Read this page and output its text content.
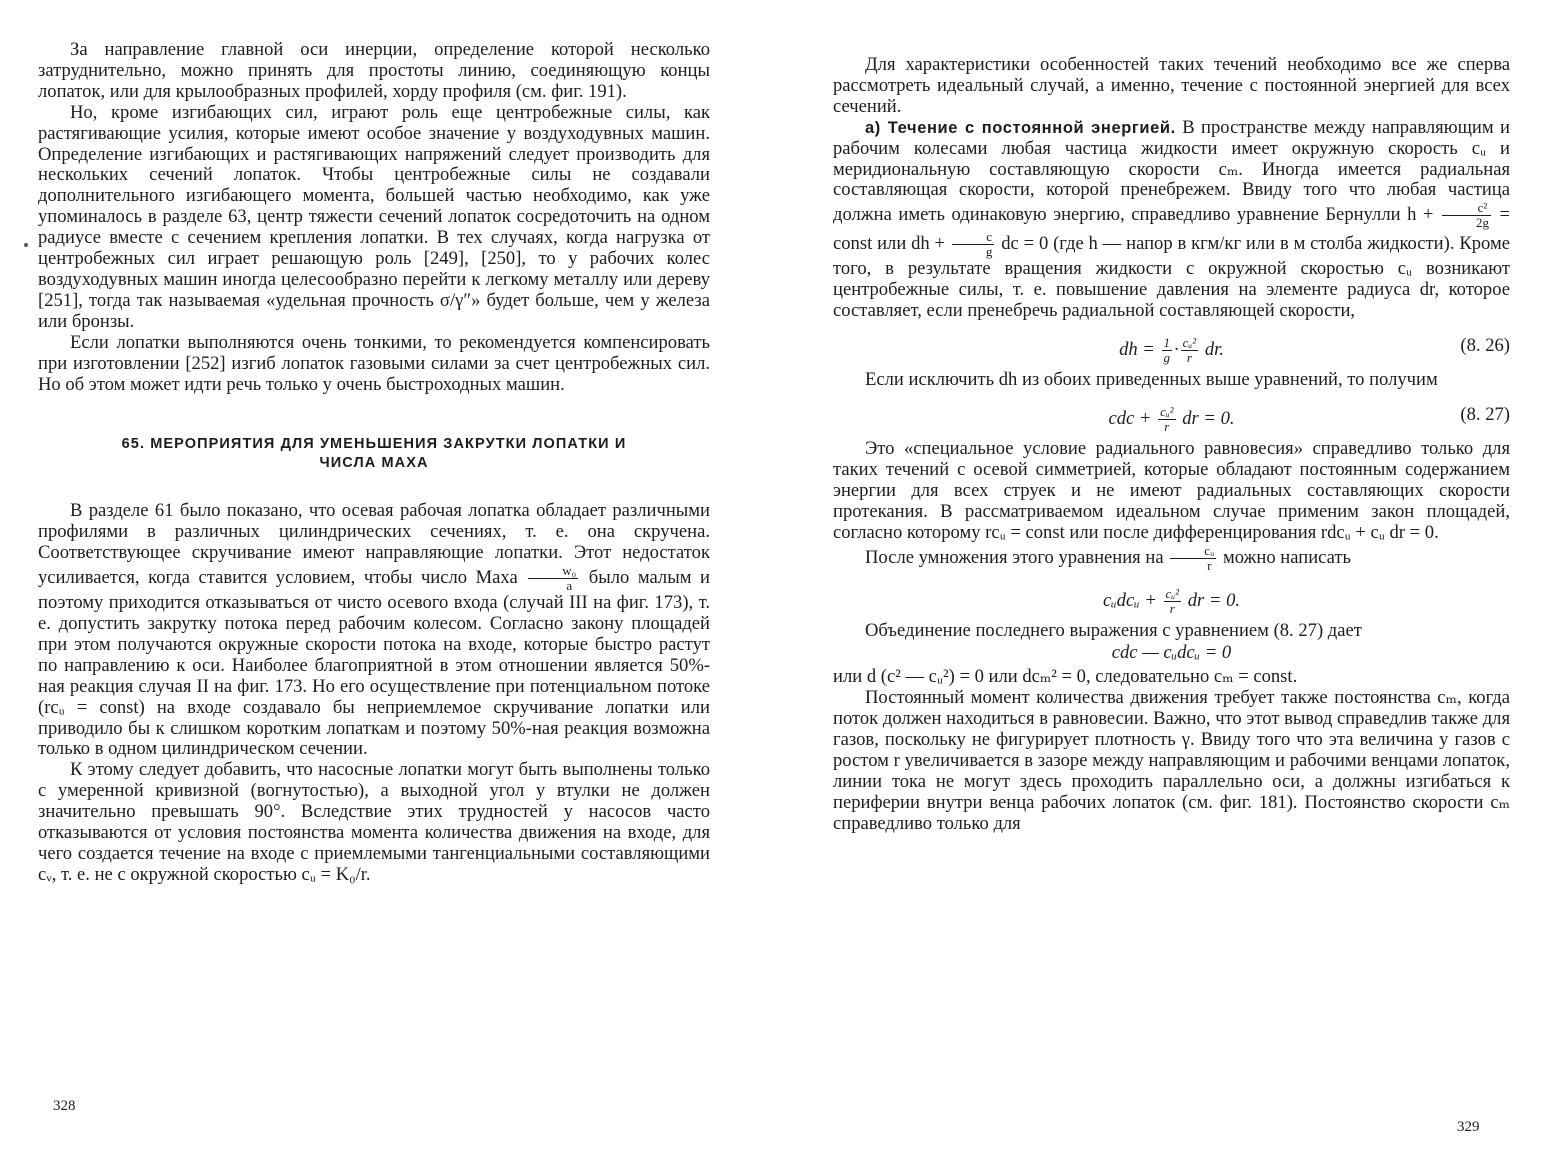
За направление главной оси инерции, определение которой несколько затруднительно, можно принять для простоты линию, соединяющую концы лопаток, или для крылообразных профилей, хорду профиля (см. фиг. 191).

Но, кроме изгибающих сил, играют роль еще центробежные силы, как растягивающие усилия, которые имеют особое значение у воздуходувных машин. Определение изгибающих и растягивающих напряжений следует производить для нескольких сечений лопаток. Чтобы центробежные силы не создавали дополнительного изгибающего момента, большей частью необходимо, как уже упоминалось в разделе 63, центр тяжести сечений лопаток сосредоточить на одном радиусе вместе с сечением крепления лопатки. В тех случаях, когда нагрузка от центробежных сил играет решающую роль [249], [250], то у рабочих колес воздуходувных машин иногда целесообразно перейти к легкому металлу или дереву [251], тогда так называемая «удельная прочность σ/γ″» будет больше, чем у железа или бронзы.

Если лопатки выполняются очень тонкими, то рекомендуется компенсировать при изготовлении [252] изгиб лопаток газовыми силами за счет центробежных сил. Но об этом может идти речь только у очень быстроходных машин.

65. МЕРОПРИЯТИЯ ДЛЯ УМЕНЬШЕНИЯ ЗАКРУТКИ ЛОПАТКИ И ЧИСЛА МАХА

В разделе 61 было показано, что осевая рабочая лопатка обладает различными профилями в различных цилиндрических сечениях, т. е. она скручена. Соответствующее скручивание имеют направляющие лопатки. Этот недостаток усиливается, когда ставится условием, чтобы число Маха $\frac{\text{w₀}}{a}$ было малым и поэтому приходится отказываться от чисто осевого входа (случай III на фиг. 173), т. е. допустить закрутку потока перед рабочим колесом. Согласно закону площадей при этом получаются окружные скорости потока на входе, которые быстро растут по направлению к оси. Наиболее благоприятной в этом отношении является 50%-ная реакция случая II на фиг. 173. Но его осуществление при потенциальном потоке (rcᵤ = const) на входе создавало бы неприемлемое скручивание лопатки или приводило бы к слишком коротким лопаткам и поэтому 50%-ная реакция возможна только в одном цилиндрическом сечении.

К этому следует добавить, что насосные лопатки могут быть выполнены только с умеренной кривизной (вогнутостью), а выходной угол у втулки не должен значительно превышать 90°. Вследствие этих трудностей у насосов часто отказываются от условия постоянства момента количества движения на входе, для чего создается течение на входе с приемлемыми тангенциальными составляющими cᵥ, т. е. не с окружной скоростью cᵤ = K₀/r.

328

Для характеристики особенностей таких течений необходимо все же сперва рассмотреть идеальный случай, а именно, течение с постоянной энергией для всех сечений.

а) Течение с постоянной энергией. В пространстве между направляющим и рабочим колесами любая частица жидкости имеет окружную скорость cᵤ и меридиональную составляющую скорости cₘ. Иногда имеется радиальная составляющая скорости, которой пренебрежем. Ввиду того что любая частица должна иметь одинаковую энергию, справедливо уравнение Бернулли $h + \frac{\text{c²}}{2g}$ = const или dh + $\frac{c}{g}$ dc = 0 (где h — напор в кгм/кг или в м столба жидкости). Кроме того, в результате вращения жидкости с окружной скоростью cᵤ возникают центробежные силы, т. е. повышение давления на элементе радиуса dr, которое составляет, если пренебречь радиальной составляющей скорости,

dh = $\frac{1}{g} \cdot \frac{\text{cᵤ²}}{r}$ dr.	(8. 26)

Если исключить dh из обоих приведенных выше уравнений, то получим

cdc + $\frac{\text{cᵤ²}}{r}$ dr = 0.	(8. 27)

Это «специальное условие радиального равновесия» справедливо только для таких течений с осевой симметрией, которые обладают постоянным содержанием энергии для всех струек и не имеют радиальных составляющих скорости протекания. В рассматриваемом идеальном случае применим закон площадей, согласно которому rcᵤ = const или после дифференцирования rdcᵤ + cᵤ dr = 0.

После умножения этого уравнения на $\frac{\text{cᵤ}}{r}$ можно написать

cᵤdcᵤ + $\frac{\text{cᵤ²}}{r}$ dr = 0.

Объединение последнего выражения с уравнением (8. 27) дает

cdc — cᵤdcᵤ = 0

или d (c² — cᵤ²) = 0 или dcₘ² = 0, следовательно cₘ = const.

Постоянный момент количества движения требует также постоянства cₘ, когда поток должен находиться в равновесии. Важно, что этот вывод справедлив также для газов, поскольку не фигурирует плотность γ. Ввиду того что эта величина у газов с ростом r увеличивается в зазоре между направляющим и рабочими венцами лопаток, линии тока не могут здесь проходить параллельно оси, а должны изгибаться к периферии внутри венца рабочих лопаток (см. фиг. 181). Постоянство скорости cₘ справедливо только для

329
